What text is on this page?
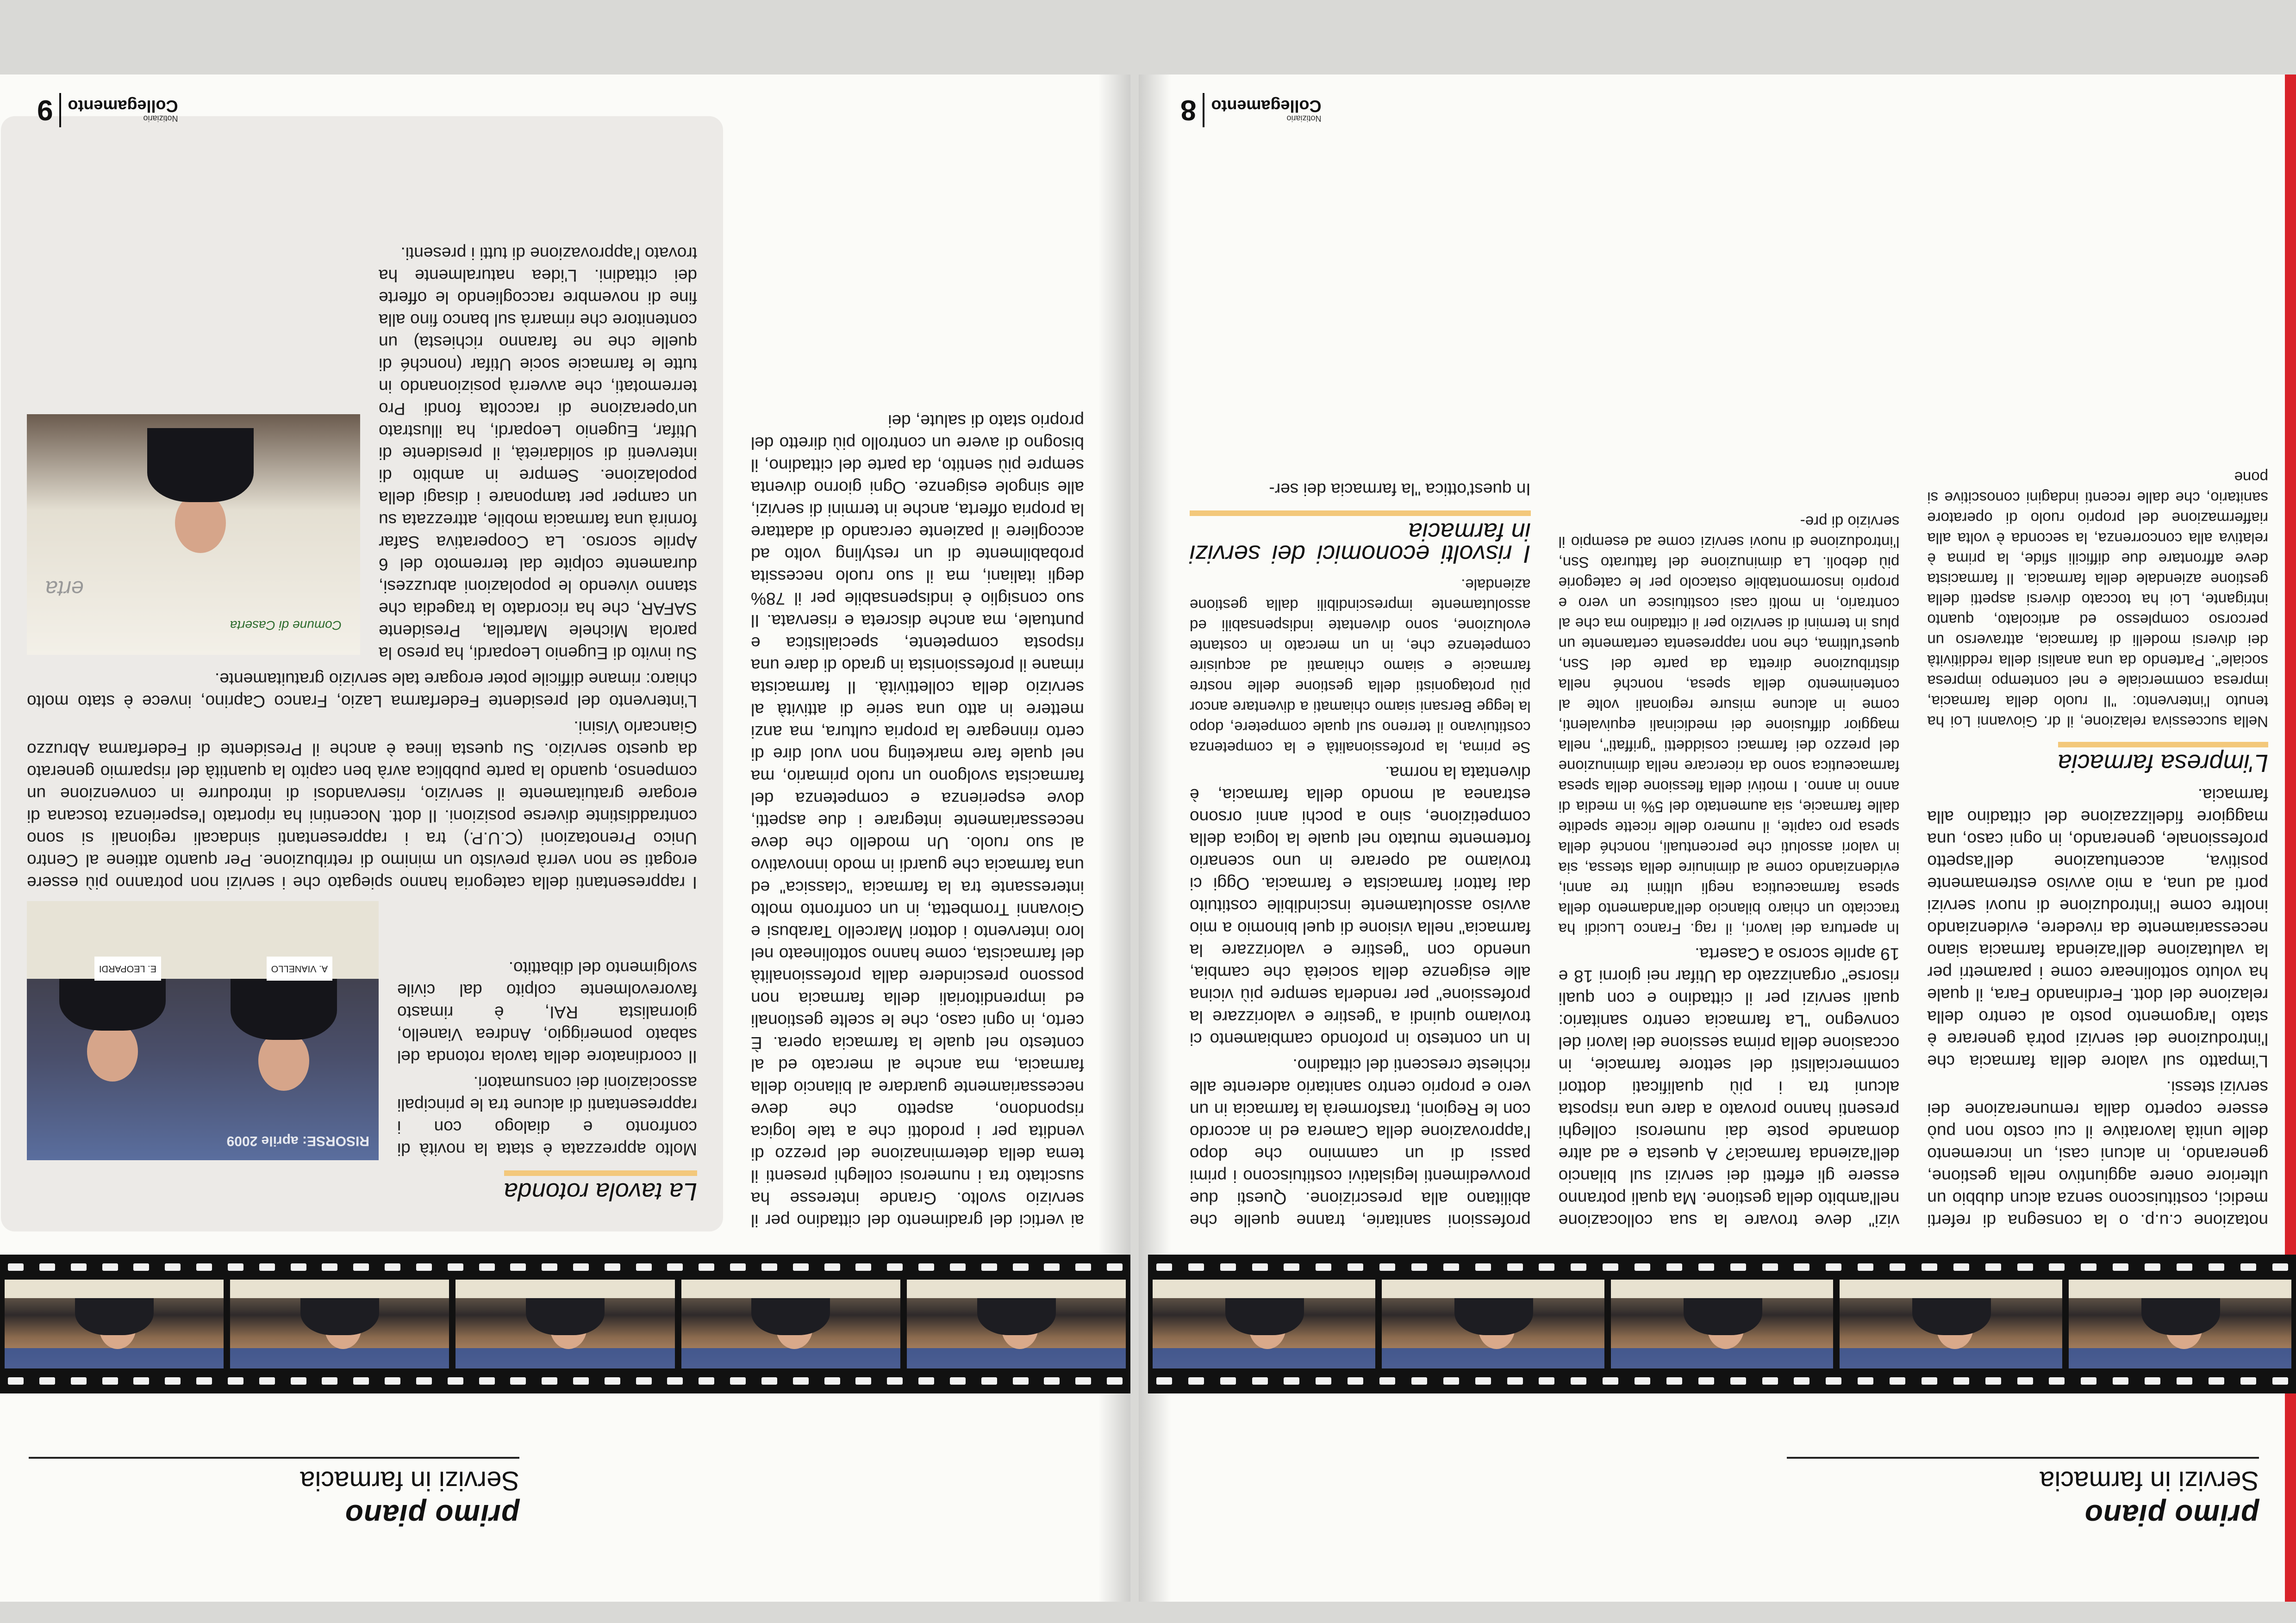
primo piano
Servizi in farmacia

notazione c.u.p. o la consegna di referti medici, costituiscono senza alcun dubbio un ulteriore onere aggiuntivo nella gestione, generando, in alcuni casi, un incremento delle unità lavorative il cui costo non può essere coperto dalla remunerazione dei servizi stessi.

L'impatto sul valore della farmacia che l'introduzione dei servizi potrà generare è stato l'argomento posto al centro della relazione del dott. Ferdinando Fara, il quale ha voluto sottolineare come i parametri per la valutazione dell'azienda farmacia siano necessariamente da rivedere, evidenziando inoltre come l'introduzione di nuovi servizi porti ad una, a mio avviso estremamente positiva, accentuazione dell'aspetto professionale, generando, in ogni caso, una maggiore fidelizzazione del cittadino alla farmacia.

L'impresa farmacia

Nella successiva relazione, il dr. Giovanni Loi ha tenuto l'intervento: "Il ruolo della farmacia, impresa commerciale e nel contempo impresa sociale". Partendo da una analisi della redditività dei diversi modelli di farmacia, attraverso un percorso complesso ed articolato, quanto intrigante, Loi ha toccato diversi aspetti della gestione aziendale della farmacia. Il farmacista deve affrontare due difficili sfide, la prima è relativa alla concorrenza, la seconda è volta alla riaffermazione del proprio ruolo di operatore sanitario, che dalle recenti indagini conoscitive si pone

vizi" deve trovare la sua collocazione nell'ambito della gestione. Ma quali potranno essere gli effetti dei servizi sul bilancio dell'azienda farmacia? A questa e ad altre domande poste dai numerosi colleghi presenti hanno provato a dare una risposta alcuni tra i più qualificati dottori commercialisti del settore farmacie, in occasione della prima sessione dei lavori del convegno "La farmacia centro sanitario: quali servizi per il cittadino e con quali risorse" organizzato da Utifar nei giorni 18 e 19 aprile scorso a Caserta.

In apertura dei lavori, il rag. Franco Lucidi ha tracciato un chiaro bilancio dell'andamento della spesa farmaceutica negli ultimi tre anni, evidenziando come al diminuire della stessa, sia in valori assoluti che percentuali, nonché della spesa pro capite, il numero delle ricette spedite dalle farmacie, sia aumentato del 5% in media di anno in anno. I motivi della flessione della spesa farmaceutica sono da ricercare nella diminuzione del prezzo dei farmaci cosiddetti "griffati", nella maggior diffusione dei medicinali equivalenti, come in alcune misure regionali volte al contenimento della spesa, nonché nella distribuzione diretta da parte del Ssn, quest'ultima, che non rappresenta certamente un plus in termini di servizio per il cittadino ma che al contrario, in molti casi costituisce un vero e proprio insormontabile ostacolo per le categorie più deboli. La diminuzione del fatturato Ssn, l'introduzione di nuovi servizi come ad esempio il servizio di pre-

professioni sanitarie, tranne quelle che abilitano alla prescrizione. Questi due provvedimenti legislativi costituiscono i primi passi di un cammino che dopo l'approvazione della Camera ed in accordo con le Regioni, trasformerà la farmacia in un vero e proprio centro sanitario aderente alle richieste crescenti del cittadino.

In un contesto in profondo cambiamento ci troviamo quindi a "gestire e valorizzare la professione" per renderla sempre più vicina alle esigenze della società che cambia, unendo con "gestire e valorizzare la farmacia" nella visione di quel binomio a mio avviso assolutamente inscindibile costituito dai fattori farmacista e farmacia. Oggi ci troviamo ad operare in uno scenario fortemente mutato nel quale la logica della competizione, sino a pochi anni orsono estranea al mondo della farmacia, è diventata la norma.

Se prima, la professionalità e la competenza costituivano il terreno sul quale competere, dopo la legge Bersani siamo chiamati a diventare ancor più protagonisti della gestione delle nostre farmacie e siamo chiamati ad acquisire competenze che, in un mercato in costante evoluzione, sono diventate indispensabili ed assolutamente imprescindibili dalla gestione aziendale.

I risvolti economici dei servizi in farmacia

In quest'ottica "la farmacia dei ser-

Notiziario
Collegamento
8
primo piano
Servizi in farmacia

ai vertici del gradimento del cittadino per il servizio svolto. Grande interesse ha suscitato tra i numerosi colleghi presenti il tema della determinazione del prezzo di vendita per i prodotti che a tale logica rispondono, aspetto che deve necessariamente guardare al bilancio della farmacia, ma anche al mercato ed al contesto nel quale la farmacia opera. È certo, in ogni caso, che le scelte gestionali ed imprenditoriali della farmacia non possono prescindere dalla professionalità del farmacista, come hanno sottolineato nel loro intervento i dottori Marcello Tarabusi e Giovanni Trombetta, in un confronto molto interessante tra la farmacia "classica" ed una farmacia che guardi in modo innovativo al suo ruolo. Un modello che deve necessariamente integrare i due aspetti, dove esperienza e competenza del farmacista svolgono un ruolo primario, ma nel quale fare marketing non vuol dire di certo rinnegare la propria cultura, ma anzi mettere in atto una serie di attività al servizio della collettività. Il farmacista rimane il professionista in grado di dare una risposta competente, specialistica e puntuale, ma anche discreta e riservata. Il suo consiglio è indispensabile per il 78% degli italiani, ma il suo ruolo necessita probabilmente di un restyling volto ad accogliere il paziente cercando di adattare la propria offerta, anche in termini di servizi, alle singole esigenze. Ogni giorno diventa sempre più sentito, da parte del cittadino, il bisogno di avere un controllo più diretto del proprio stato di salute, dei

La tavola rotonda

Molto apprezzata è stata la novità di confronto e dialogo con i rappresentanti di alcune tra le principali associazioni dei consumatori.

Il coordinatore della tavola rotonda del sabato pomeriggio, Andrea Vianello, giornalista RAI, è rimasto favorevolmente colpito dal civile svolgimento del dibattito.

RISORSE: aprile 2009
A. VIANELLO
E. LEOPARDI

I rappresentanti della categoria hanno spiegato che i servizi non potranno più essere erogati se non verrà previsto un minimo di retribuzione. Per quanto attiene al Centro Unico Prenotazioni (C.U.P.) tra i rappresentanti sindacali regionali si sono contraddistinte diverse posizioni. Il dott. Nocentini ha riportato l'esperienza toscana di erogare gratuitamente il servizio, riservandosi di introdurre in convenzione un compenso, quando la parte pubblica avrà ben capito la quantità del risparmio generato da questo servizio. Su questa linea è anche il Presidente di Federfarma Abruzzo Giancarlo Visini.

L'intervento del presidente Federfarma Lazio, Franco Caprino, invece è stato molto chiaro: rimane difficile poter erogare tale servizio gratuitamente.

Su invito di Eugenio Leopardi, ha preso la parola Michele Martella, Presidente SAFAR, che ha ricordato la tragedia che stanno vivendo le popolazioni abruzzesi, duramente colpite dal terremoto del 6 Aprile scorso. La Cooperativa Safar fornirà una farmacia mobile, attrezzata su un camper per tamponare i disagi della popolazione. Sempre in ambito di interventi di solidarietà, il presidente di Utifar, Eugenio Leopardi, ha illustrato un'operazione di raccolta fondi Pro terremotati, che avverrà posizionando in tutte le farmacie socie Utifar (nonché di quelle che ne faranno richiesta) un contenitore che rimarrà sul banco fino alla fine di novembre raccogliendo le offerte dei cittadini. L'idea naturalmente ha trovato l'approvazione di tutti i presenti.

Comune di Caserta
erta
Notiziario
Collegamento
9
